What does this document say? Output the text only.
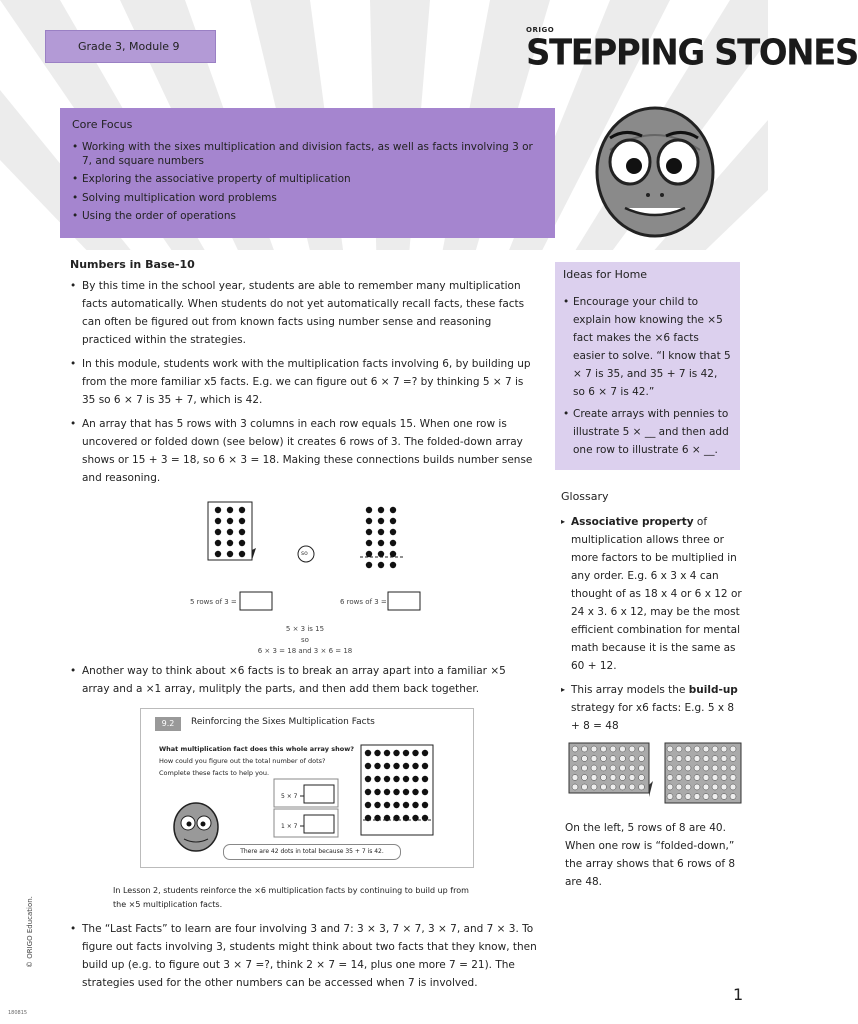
Grade 3, Module 9
ORIGO
STEPPING STONES
Core Focus
• Working with the sixes multiplication and division facts, as well as facts involving 3 or 7, and square numbers
• Exploring the associative property of multiplication
• Solving multiplication word problems
• Using the order of operations
Numbers in Base-10
• By this time in the school year, students are able to remember many multiplication facts automatically. When students do not yet automatically recall facts, these facts can often be figured out from known facts using number sense and reasoning practiced within the strategies.
• In this module, students work with the multiplication facts involving 6, by building up from the more familiar x5 facts. E.g. we can figure out 6 × 7 =? by thinking 5 × 7 is 35 so 6 × 7 is 35 + 7, which is 42.
• An array that has 5 rows with 3 columns in each row equals 15. When one row is uncovered or folded down (see below) it creates 6 rows of 3. The folded-down array shows or 15 + 3 = 18, so 6 × 3 = 18. Making these connections builds number sense and reasoning.
so
5 rows of 3 =	6 rows of 3 =
5 × 3 is 15
so
6 × 3 = 18 and 3 × 6 = 18
• Another way to think about ×6 facts is to break an array apart into a familiar ×5 array and a ×1 array, mulitply the parts, and then add them back together.
9.2	Reinforcing the Sixes Multiplication Facts
What multiplication fact does this whole array show?
How could you figure out the total number of dots?
Complete these facts to help you.
5 × 7 =
1 × 7 =
There are 42 dots in total because 35 + 7 is 42.
In Lesson 2, students reinforce the ×6 multiplication facts by continuing to build up from the ×5 multiplication facts.
• The “Last Facts” to learn are four involving 3 and 7: 3 × 3, 7 × 7, 3 × 7, and 7 × 3. To figure out facts involving 3, students might think about two facts that they know, then build up (e.g. to figure out 3 × 7 =?, think 2 × 7 = 14, plus one more 7 = 21). The strategies used for the other numbers can be accessed when 7 is involved.
Ideas for Home
• Encourage your child to explain how knowing the ×5 fact makes the ×6 facts easier to solve. “I know that 5 × 7 is 35, and 35 + 7 is 42, so 6 × 7 is 42.”
• Create arrays with pennies to illustrate 5 × __ and then add one row to illustrate 6 × __.
Glossary
▸ Associative property of multiplication allows three or more factors to be multiplied in any order. E.g. 6 x 3 x 4 can thought of as 18 x 4 or 6 x 12 or 24 x 3. 6 x 12, may be the most efficient combination for mental math because it is the same as 60 + 12.
▸ This array models the build-up strategy for x6 facts: E.g. 5 x 8 + 8 = 48
On the left, 5 rows of 8 are 40. When one row is “folded-down,” the array shows that 6 rows of 8 are 48.
© ORIGO Education.
1
180815
